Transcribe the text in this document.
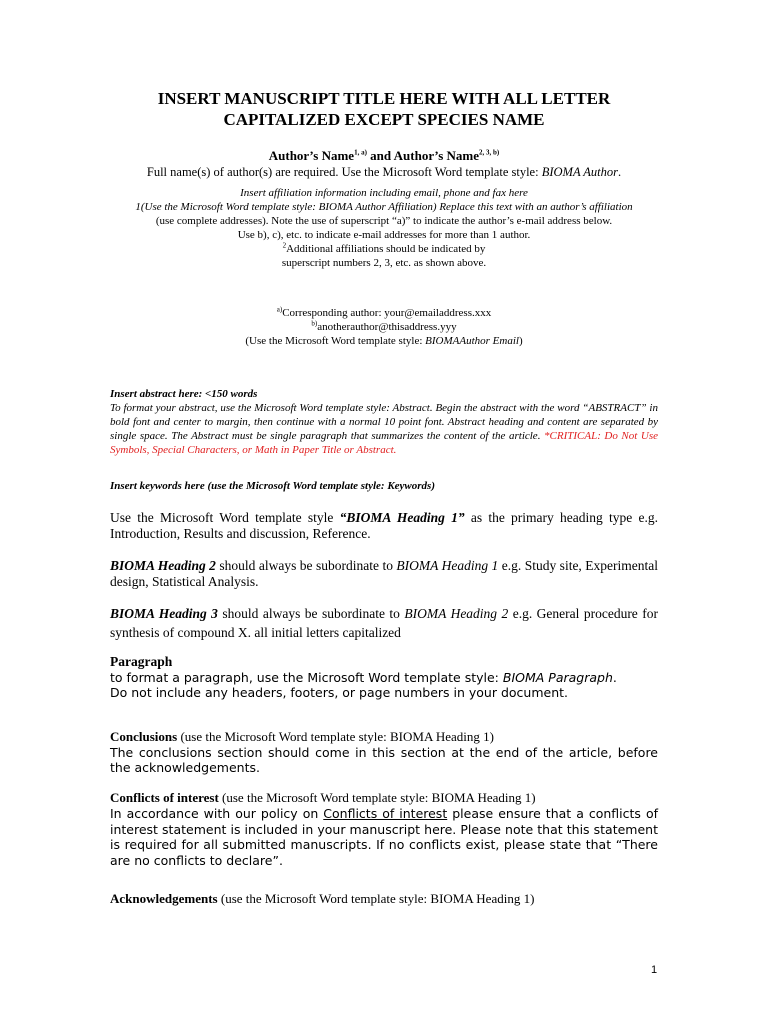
INSERT MANUSCRIPT TITLE HERE WITH ALL LETTER
CAPITALIZED EXCEPT SPECIES NAME
Author’s Name$^{1, a)}$ and Author’s Name$^{2, 3, b)}$
Full name(s) of author(s) are required. Use the Microsoft Word template style: BIOMA Author.
Insert affiliation information including email, phone and fax here
1(Use the Microsoft Word template style: BIOMA Author Affiliation) Replace this text with an author’s affiliation
(use complete addresses). Note the use of superscript “a)” to indicate the author’s e-mail address below.
Use b), c), etc. to indicate e-mail addresses for more than 1 author.
$^2$Additional affiliations should be indicated by
superscript numbers 2, 3, etc. as shown above.
$^{a)}$Corresponding author: your@emailaddress.xxx
$^{b)}$anotherauthor@thisaddress.yyy
(Use the Microsoft Word template style: BIOMAAuthor Email)
Insert abstract here: <150 words

To format your abstract, use the Microsoft Word template style: Abstract. Begin the abstract with the word “ABSTRACT” in bold font and center to margin, then continue with a normal 10 point font. Abstract heading and content are separated by single space. The Abstract must be single paragraph that summarizes the content of the article. *CRITICAL: Do Not Use Symbols, Special Characters, or Math in Paper Title or Abstract.

Insert keywords here (use the Microsoft Word template style: Keywords)

Use the Microsoft Word template style “BIOMA Heading 1” as the primary heading type e.g. Introduction, Results and discussion, Reference.

BIOMA Heading 2 should always be subordinate to BIOMA Heading 1 e.g. Study site, Experimental design, Statistical Analysis.

BIOMA Heading 3 should always be subordinate to BIOMA Heading 2 e.g. General procedure for synthesis of compound X. all initial letters capitalized

Paragraph

to format a paragraph, use the Microsoft Word template style: BIOMA Paragraph.

Do not include any headers, footers, or page numbers in your document.

Conclusions (use the Microsoft Word template style: BIOMA Heading 1)

The conclusions section should come in this section at the end of the article, before the acknowledgements.

Conflicts of interest (use the Microsoft Word template style: BIOMA Heading 1)

In accordance with our policy on Conflicts of interest please ensure that a conflicts of interest statement is included in your manuscript here. Please note that this statement is required for all submitted manuscripts. If no conflicts exist, please state that “There are no conflicts to declare”.

Acknowledgements (use the Microsoft Word template style: BIOMA Heading 1)
1
